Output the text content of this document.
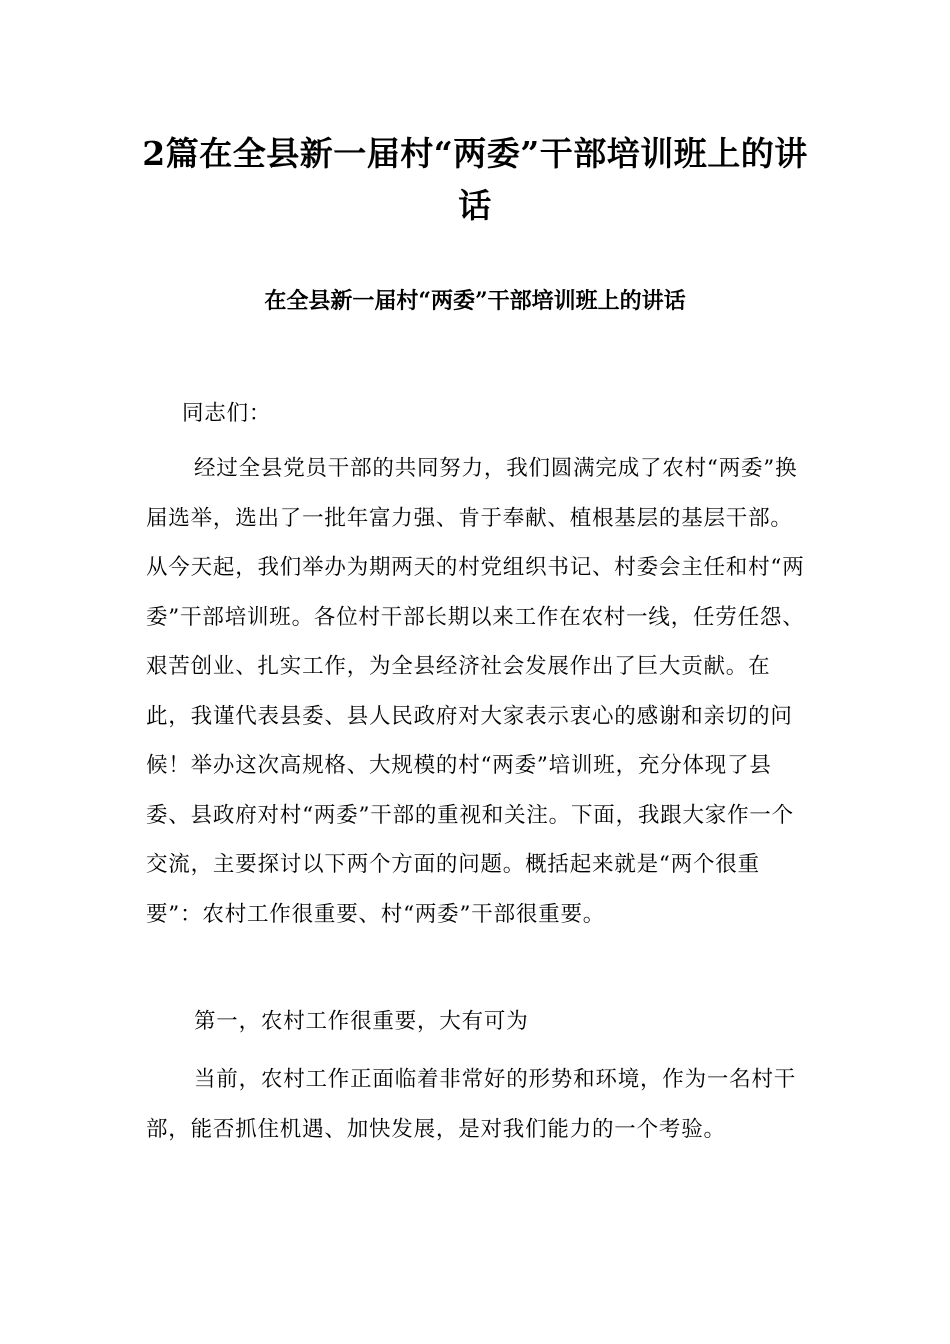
2篇在全县新一届村“两委”干部培训班上的讲话
在全县新一届村“两委”干部培训班上的讲话

同志们：

经过全县党员干部的共同努力，我们圆满完成了农村“两委”换届选举，选出了一批年富力强、肯于奉献、植根基层的基层干部。从今天起，我们举办为期两天的村党组织书记、村委会主任和村“两委”干部培训班。各位村干部长期以来工作在农村一线，任劳任怨、艰苦创业、扎实工作，为全县经济社会发展作出了巨大贡献。在此，我谨代表县委、县人民政府对大家表示衷心的感谢和亲切的问候！举办这次高规格、大规模的村“两委”培训班，充分体现了县委、县政府对村“两委”干部的重视和关注。下面，我跟大家作一个交流，主要探讨以下两个方面的问题。概括起来就是“两个很重要”：农村工作很重要、村“两委”干部很重要。

第一，农村工作很重要，大有可为

当前，农村工作正面临着非常好的形势和环境，作为一名村干部，能否抓住机遇、加快发展，是对我们能力的一个考验。
